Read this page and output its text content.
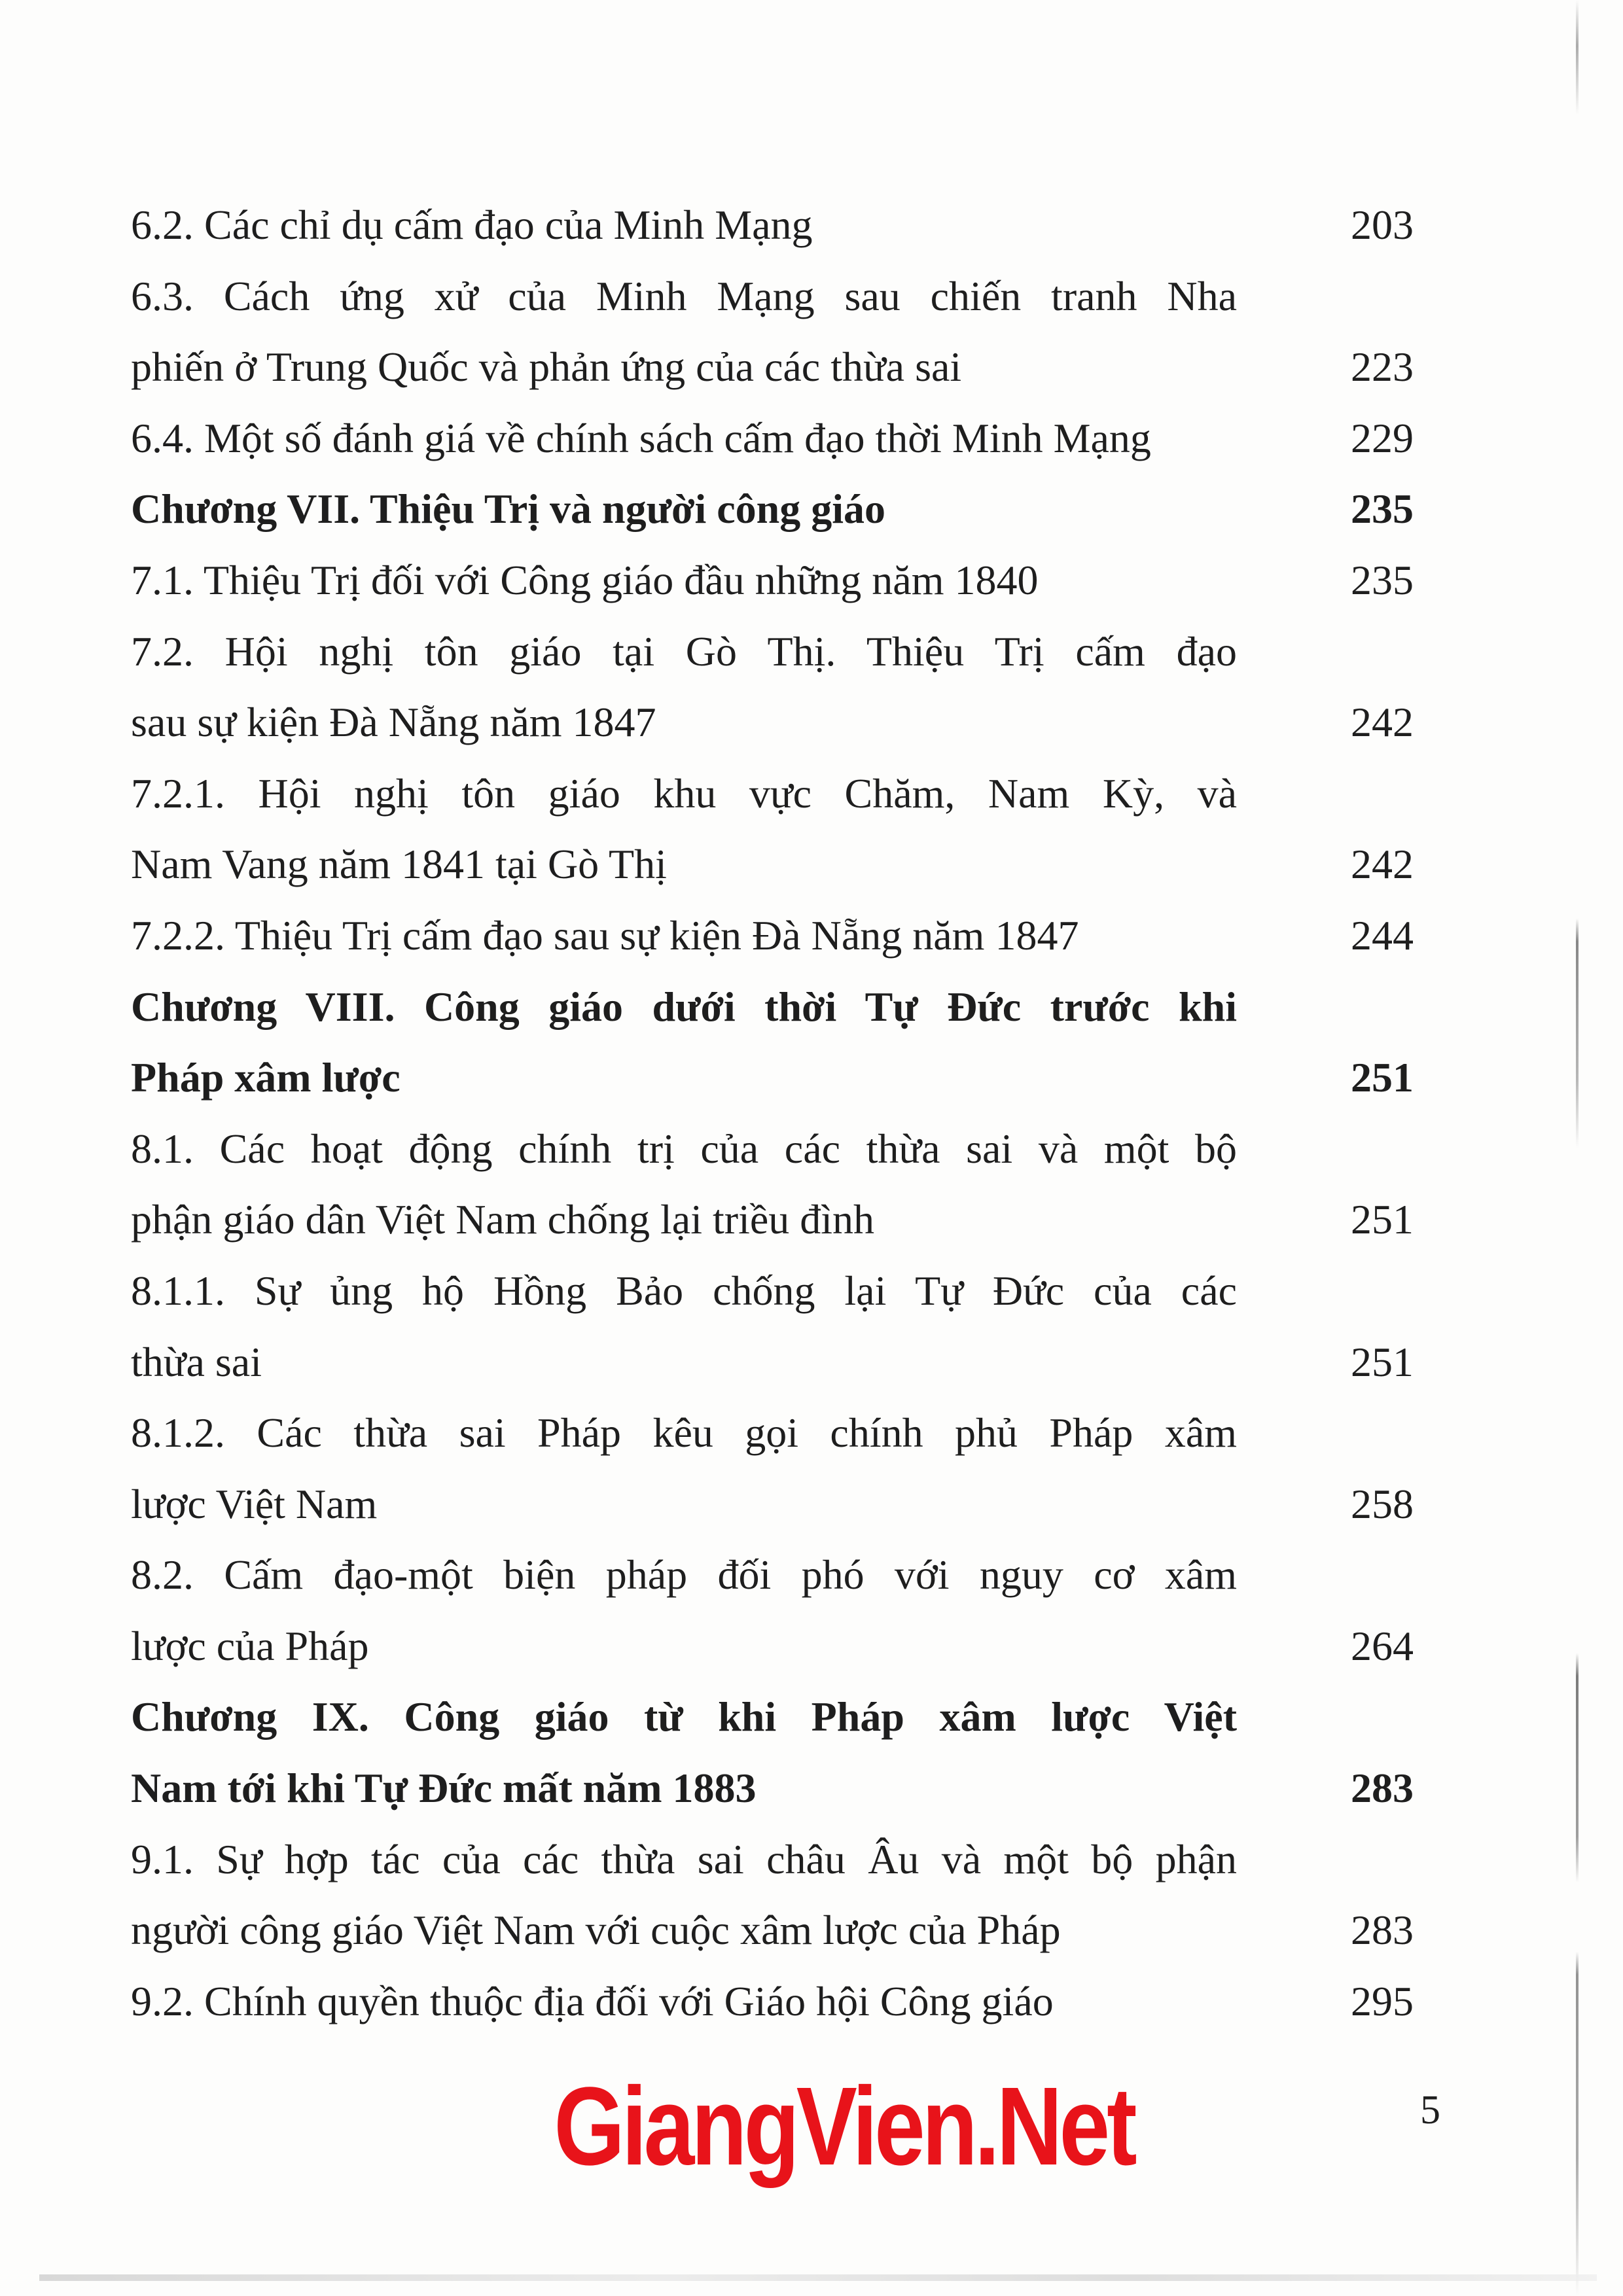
6.2. Các chỉ dụ cấm đạo của Minh Mạng	203
6.3. Cách ứng xử của Minh Mạng sau chiến tranh Nha
phiến ở Trung Quốc và phản ứng của các thừa sai	223
6.4. Một số đánh giá về chính sách cấm đạo thời Minh Mạng	229
Chương VII. Thiệu Trị và người công giáo	235
7.1. Thiệu Trị đối với Công giáo đầu những năm 1840	235
7.2. Hội nghị tôn giáo tại Gò Thị. Thiệu Trị cấm đạo
sau sự kiện Đà Nẵng năm 1847	242
7.2.1. Hội nghị tôn giáo khu vực Chăm, Nam Kỳ, và
Nam Vang năm 1841 tại Gò Thị	242
7.2.2. Thiệu Trị cấm đạo sau sự kiện Đà Nẵng năm 1847	244
Chương VIII. Công giáo dưới thời Tự Đức trước khi
Pháp xâm lược	251
8.1. Các hoạt động chính trị của các thừa sai và một bộ
phận giáo dân Việt Nam chống lại triều đình	251
8.1.1. Sự ủng hộ Hồng Bảo chống lại Tự Đức của các
thừa sai	251
8.1.2. Các thừa sai Pháp kêu gọi chính phủ Pháp xâm
lược Việt Nam	258
8.2. Cấm đạo-một biện pháp đối phó với nguy cơ xâm
lược của Pháp	264
Chương IX. Công giáo từ khi Pháp xâm lược Việt
Nam tới khi Tự Đức mất năm 1883	283
9.1. Sự hợp tác của các thừa sai châu Âu và một bộ phận
người công giáo Việt Nam với cuộc xâm lược của Pháp	283
9.2. Chính quyền thuộc địa đối với Giáo hội Công giáo	295
GiangVien.Net	5
